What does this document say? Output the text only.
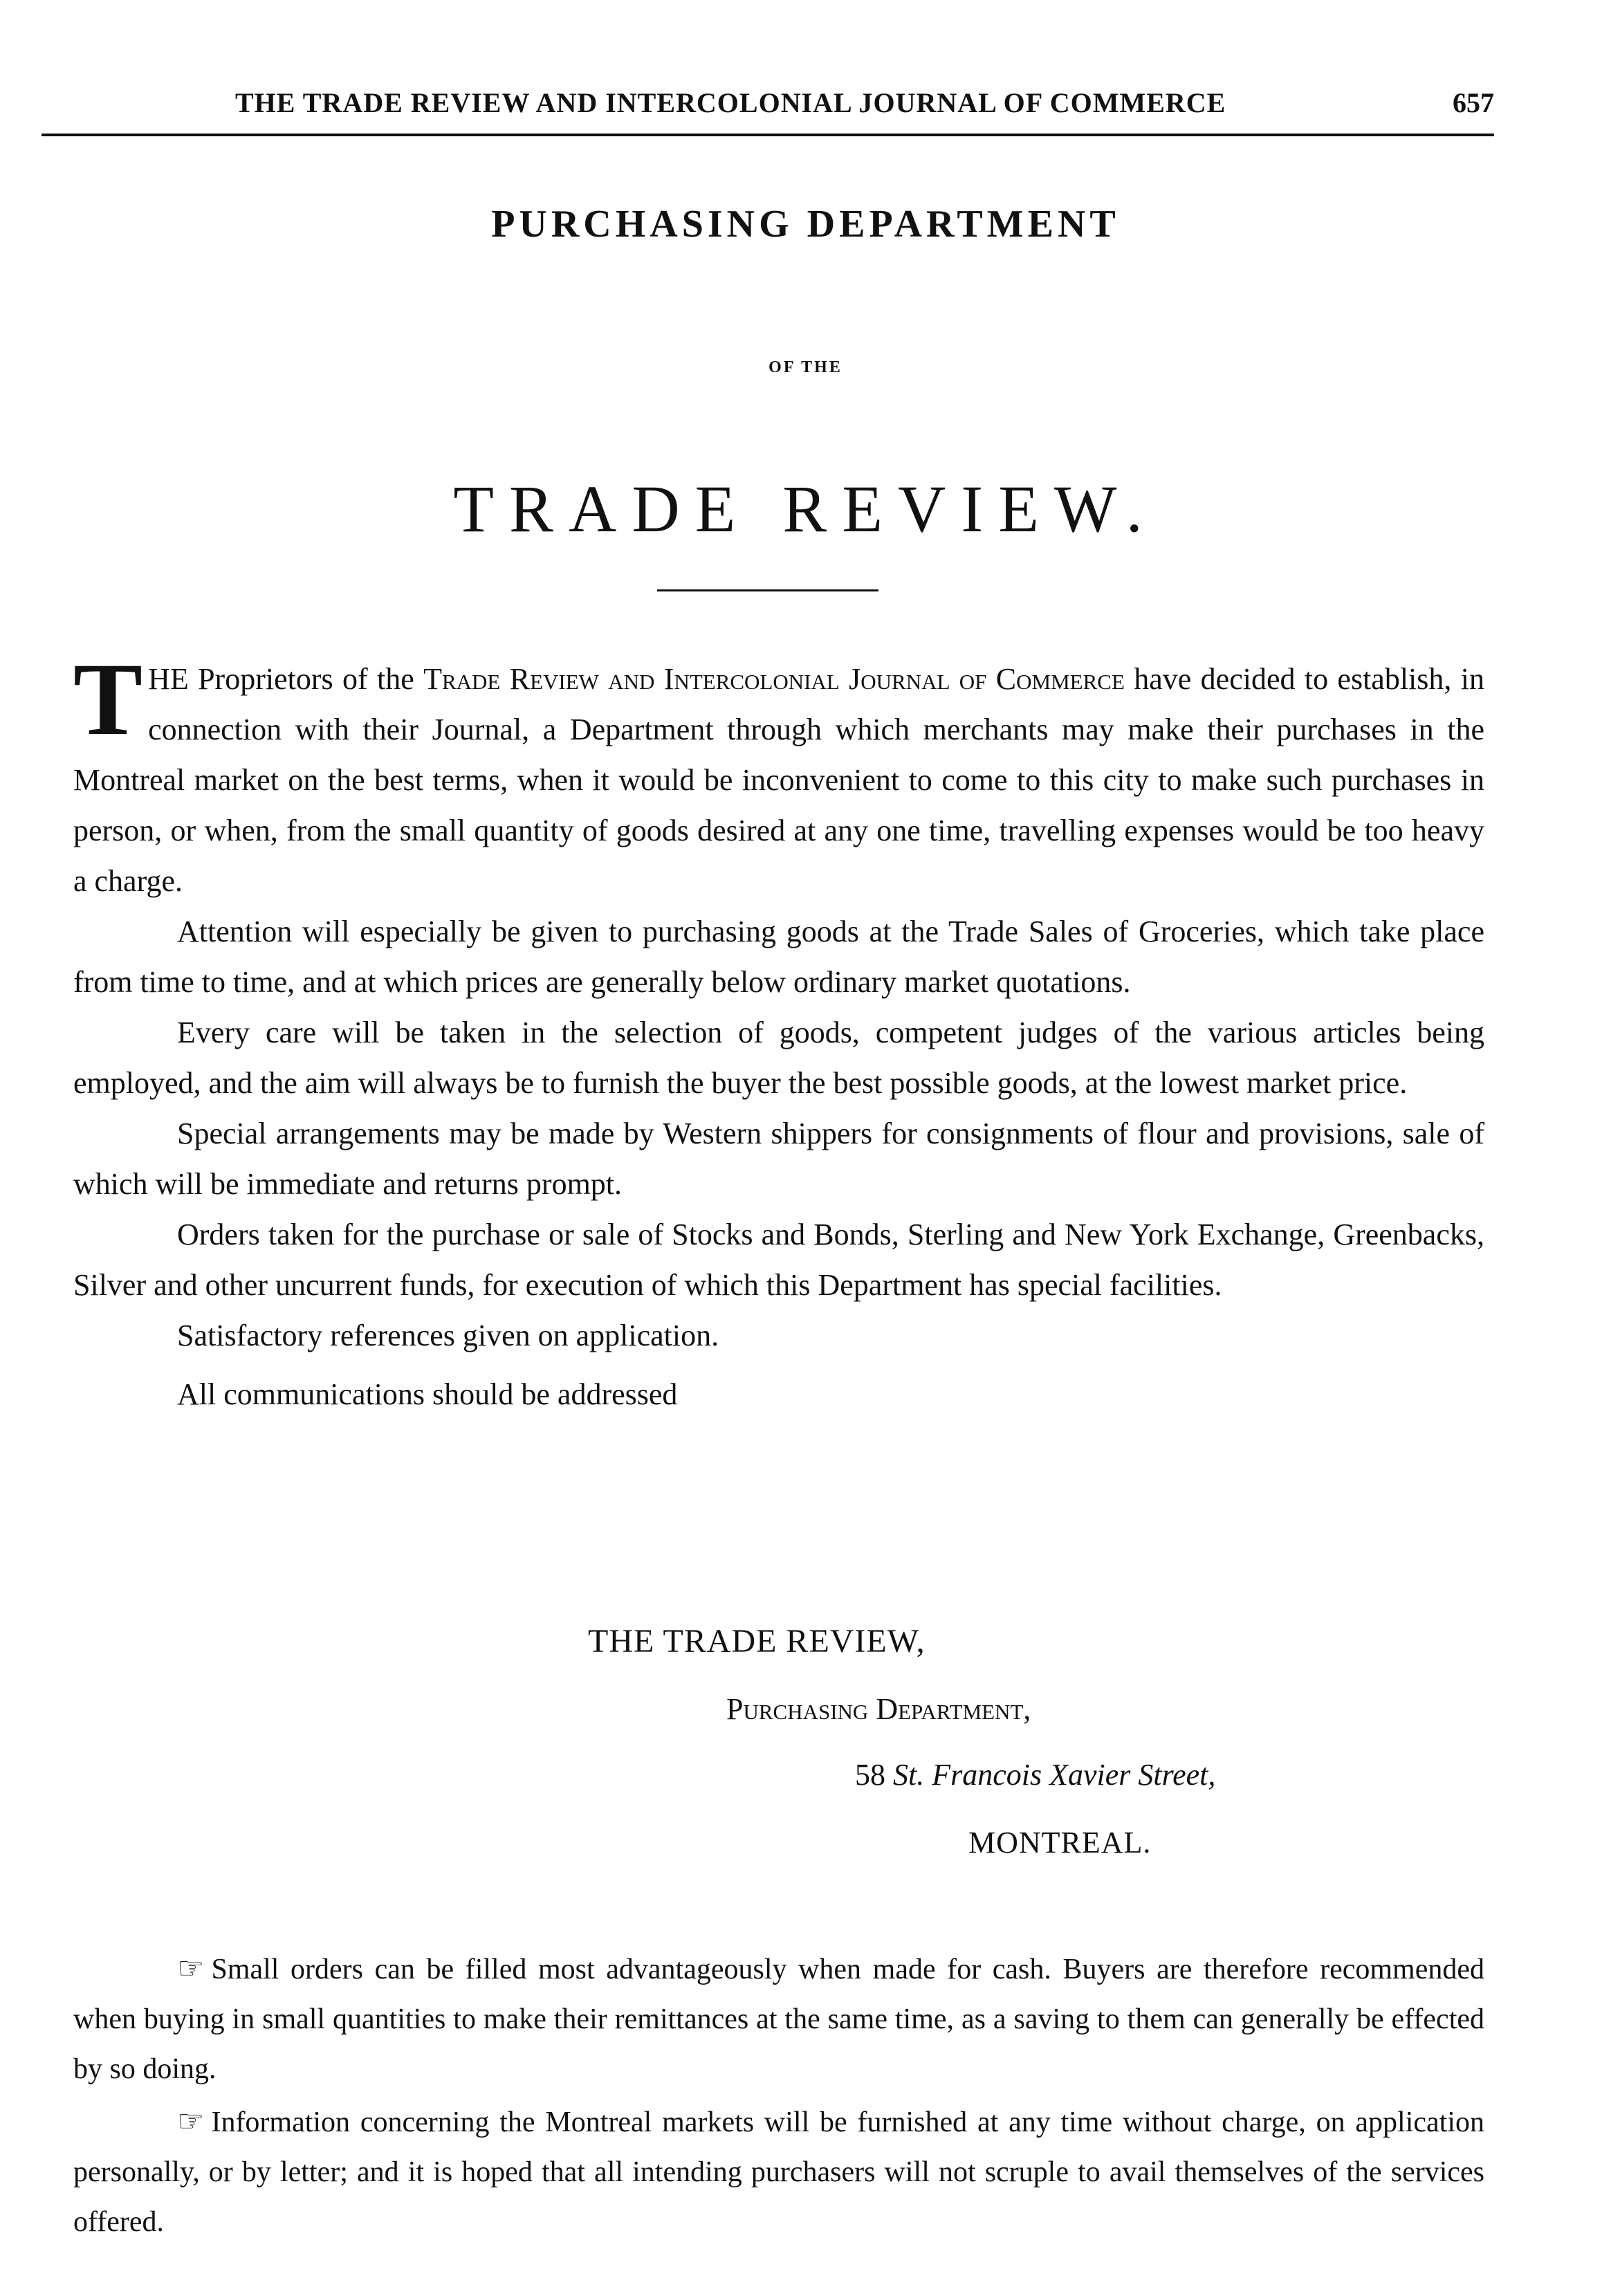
THE TRADE REVIEW AND INTERCOLONIAL JOURNAL OF COMMERCE	657
PURCHASING DEPARTMENT
OF THE
TRADE REVIEW.

THE Proprietors of the Trade Review and Intercolonial Journal of Commerce have decided to establish, in connection with their Journal, a Department through which merchants may make their purchases in the Montreal market on the best terms, when it would be inconvenient to come to this city to make such purchases in person, or when, from the small quantity of goods desired at any one time, travelling expenses would be too heavy a charge.

Attention will especially be given to purchasing goods at the Trade Sales of Groceries, which take place from time to time, and at which prices are generally below ordinary market quotations.

Every care will be taken in the selection of goods, competent judges of the various articles being employed, and the aim will always be to furnish the buyer the best possible goods, at the lowest market price.

Special arrangements may be made by Western shippers for consignments of flour and provisions, sale of which will be immediate and returns prompt.

Orders taken for the purchase or sale of Stocks and Bonds, Sterling and New York Exchange, Greenbacks, Silver and other uncurrent funds, for execution of which this Department has special facilities.

Satisfactory references given on application.

All communications should be addressed

THE TRADE REVIEW,
Purchasing Department,
58 St. Francois Xavier Street,
MONTREAL.

☞ Small orders can be filled most advantageously when made for cash. Buyers are therefore recommended when buying in small quantities to make their remittances at the same time, as a saving to them can generally be effected by so doing.

☞ Information concerning the Montreal markets will be furnished at any time without charge, on application personally, or by letter; and it is hoped that all intending purchasers will not scruple to avail themselves of the services offered.
